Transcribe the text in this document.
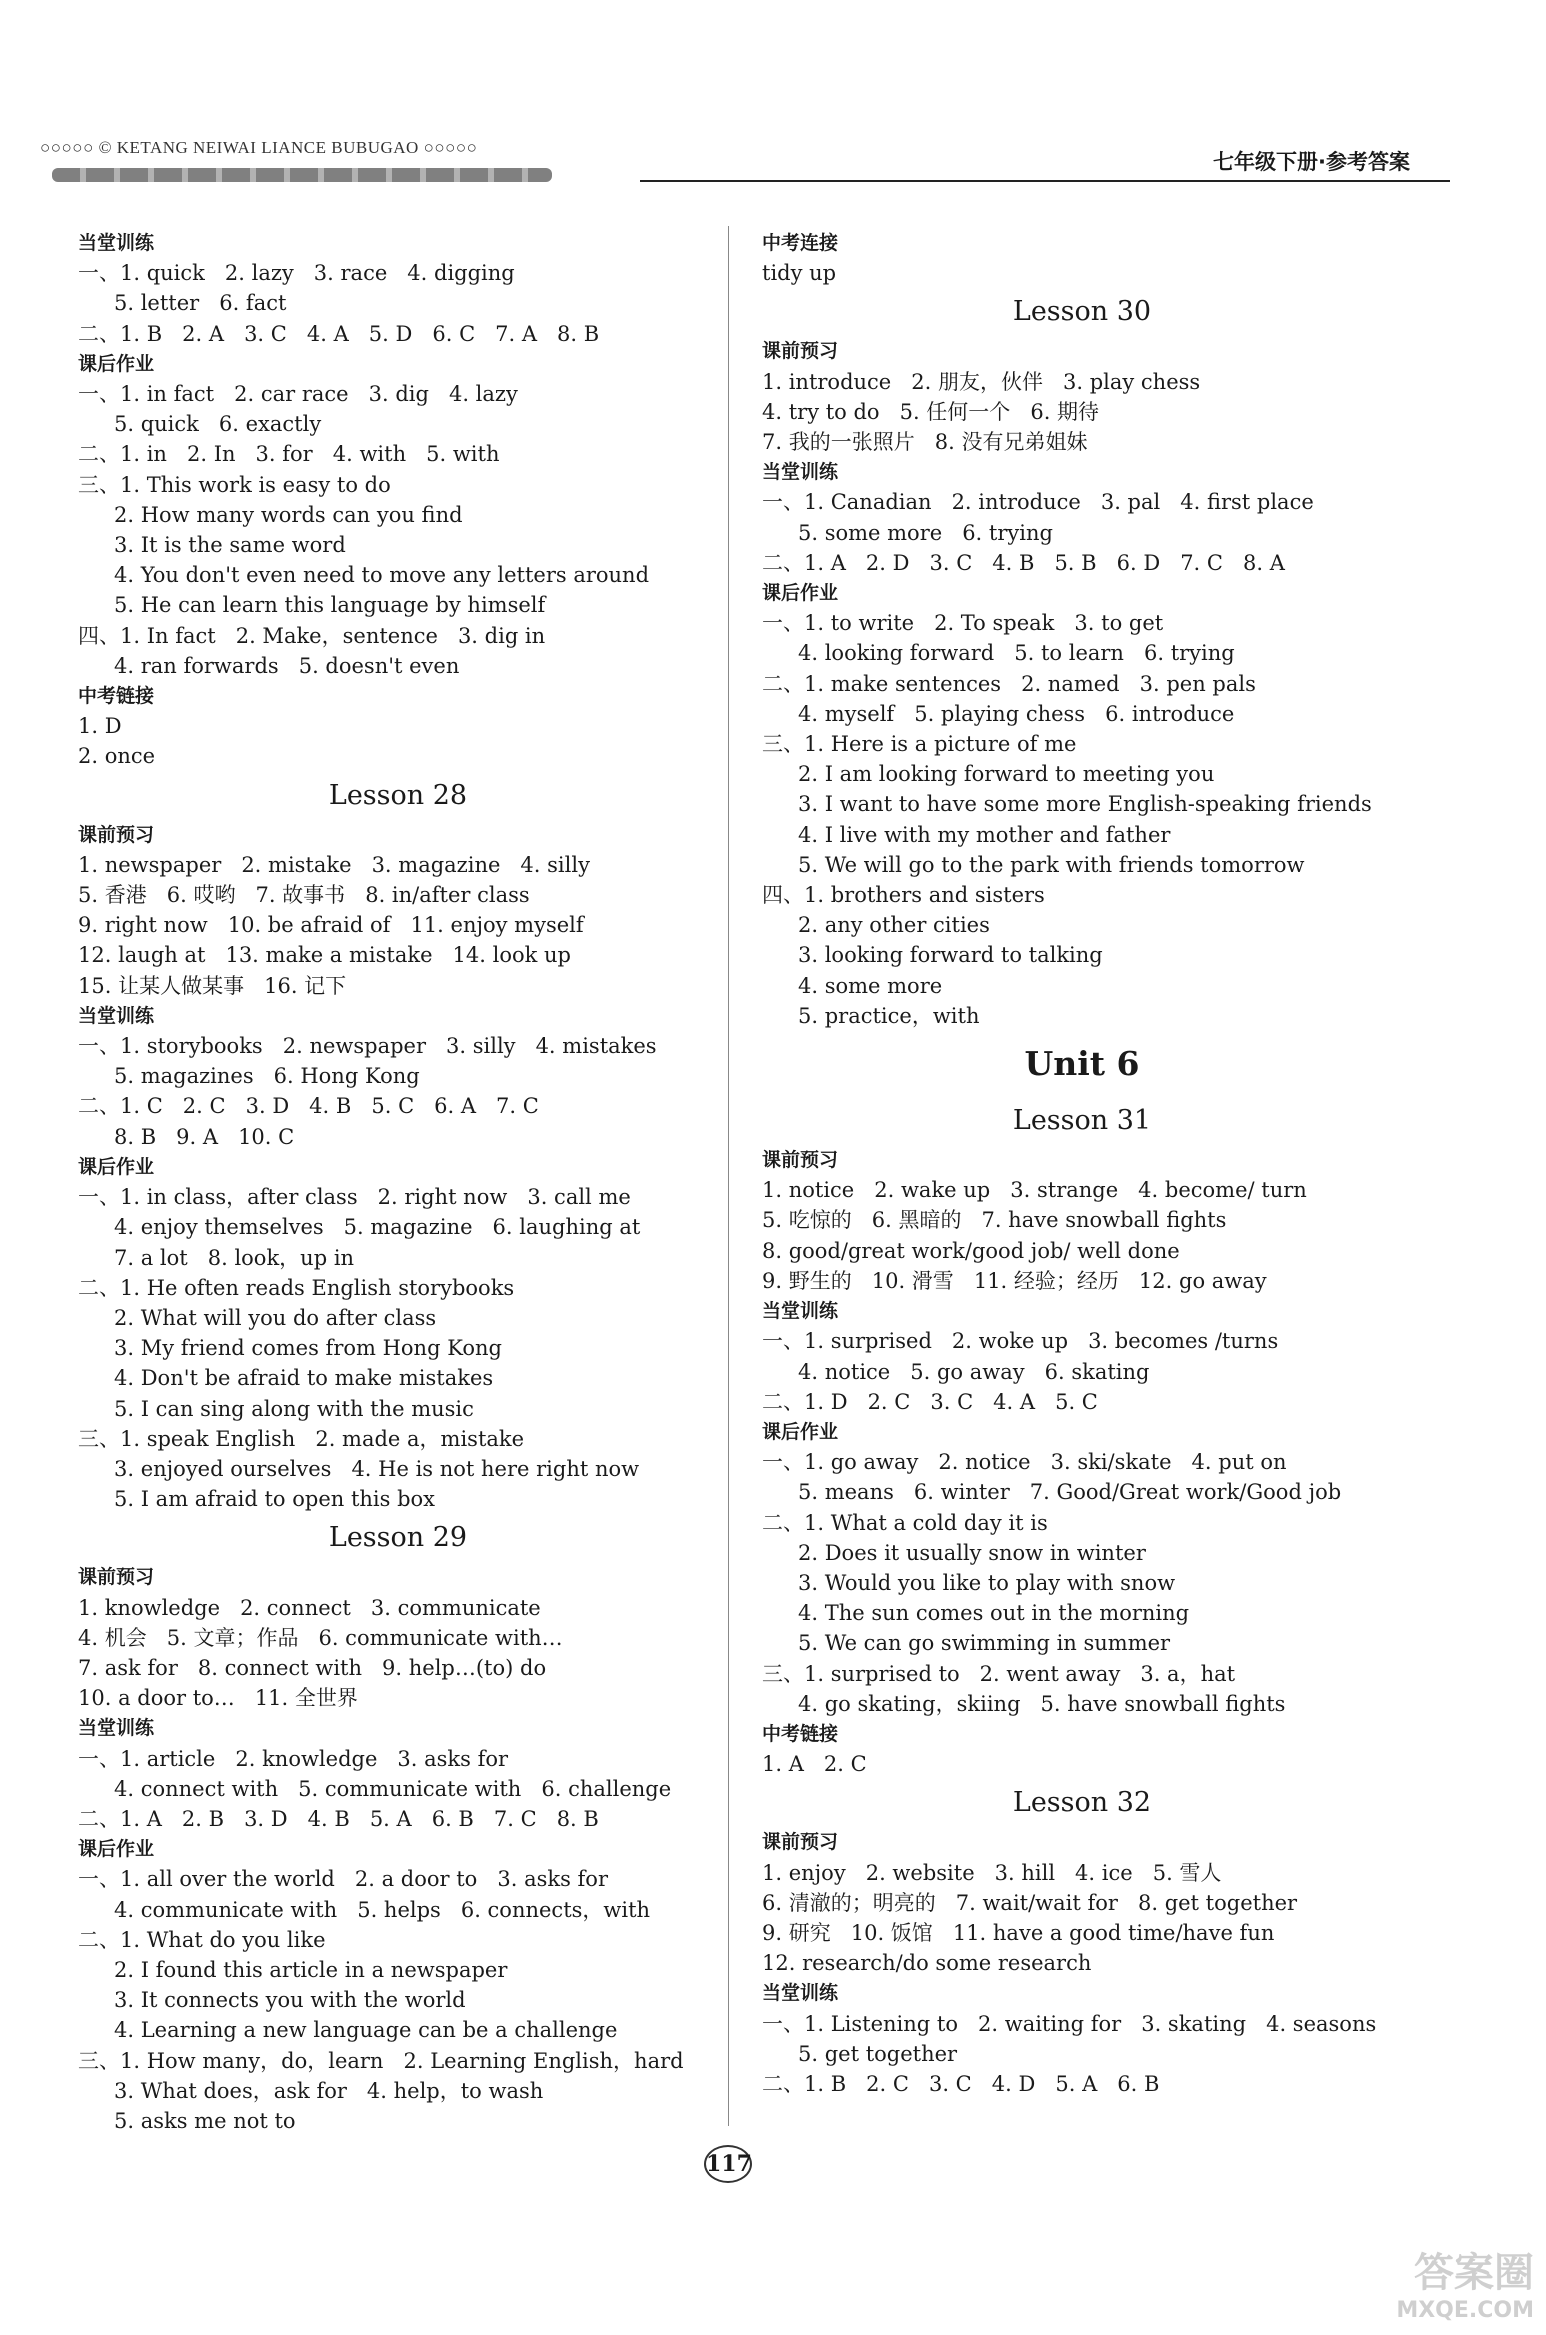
○○○○○ © KETANG NEIWAI LIANCE BUBUGAO ○○○○○
七年级下册·参考答案
当堂训练
一、1. quick   2. lazy   3. race   4. digging
5. letter   6. fact
二、1. B   2. A   3. C   4. A   5. D   6. C   7. A   8. B
课后作业
一、1. in fact   2. car race   3. dig   4. lazy
5. quick   6. exactly
二、1. in   2. In   3. for   4. with   5. with
三、1. This work is easy to do
2. How many words can you find
3. It is the same word
4. You don't even need to move any letters around
5. He can learn this language by himself
四、1. In fact   2. Make，sentence   3. dig in
4. ran forwards   5. doesn't even
中考链接
1. D
2. once
Lesson 28
课前预习
1. newspaper   2. mistake   3. magazine   4. silly
5. 香港   6. 哎哟   7. 故事书   8. in/after class
9. right now   10. be afraid of   11. enjoy myself
12. laugh at   13. make a mistake   14. look up
15. 让某人做某事   16. 记下
当堂训练
一、1. storybooks   2. newspaper   3. silly   4. mistakes
5. magazines   6. Hong Kong
二、1. C   2. C   3. D   4. B   5. C   6. A   7. C
8. B   9. A   10. C
课后作业
一、1. in class，after class   2. right now   3. call me
4. enjoy themselves   5. magazine   6. laughing at
7. a lot   8. look，up in
二、1. He often reads English storybooks
2. What will you do after class
3. My friend comes from Hong Kong
4. Don't be afraid to make mistakes
5. I can sing along with the music
三、1. speak English   2. made a，mistake
3. enjoyed ourselves   4. He is not here right now
5. I am afraid to open this box
Lesson 29
课前预习
1. knowledge   2. connect   3. communicate
4. 机会   5. 文章；作品   6. communicate with…
7. ask for   8. connect with   9. help…(to) do
10. a door to…   11. 全世界
当堂训练
一、1. article   2. knowledge   3. asks for
4. connect with   5. communicate with   6. challenge
二、1. A   2. B   3. D   4. B   5. A   6. B   7. C   8. B
课后作业
一、1. all over the world   2. a door to   3. asks for
4. communicate with   5. helps   6. connects，with
二、1. What do you like
2. I found this article in a newspaper
3. It connects you with the world
4. Learning a new language can be a challenge
三、1. How many，do，learn   2. Learning English，hard
3. What does，ask for   4. help，to wash
5. asks me not to
中考连接
tidy up
Lesson 30
课前预习
1. introduce   2. 朋友，伙伴   3. play chess
4. try to do   5. 任何一个   6. 期待
7. 我的一张照片   8. 没有兄弟姐妹
当堂训练
一、1. Canadian   2. introduce   3. pal   4. first place
5. some more   6. trying
二、1. A   2. D   3. C   4. B   5. B   6. D   7. C   8. A
课后作业
一、1. to write   2. To speak   3. to get
4. looking forward   5. to learn   6. trying
二、1. make sentences   2. named   3. pen pals
4. myself   5. playing chess   6. introduce
三、1. Here is a picture of me
2. I am looking forward to meeting you
3. I want to have some more English-speaking friends
4. I live with my mother and father
5. We will go to the park with friends tomorrow
四、1. brothers and sisters
2. any other cities
3. looking forward to talking
4. some more
5. practice，with
Unit 6
Lesson 31
课前预习
1. notice   2. wake up   3. strange   4. become/ turn
5. 吃惊的   6. 黑暗的   7. have snowball fights
8. good/great work/good job/ well done
9. 野生的   10. 滑雪   11. 经验；经历   12. go away
当堂训练
一、1. surprised   2. woke up   3. becomes /turns
4. notice   5. go away   6. skating
二、1. D   2. C   3. C   4. A   5. C
课后作业
一、1. go away   2. notice   3. ski/skate   4. put on
5. means   6. winter   7. Good/Great work/Good job
二、1. What a cold day it is
2. Does it usually snow in winter
3. Would you like to play with snow
4. The sun comes out in the morning
5. We can go swimming in summer
三、1. surprised to   2. went away   3. a，hat
4. go skating，skiing   5. have snowball fights
中考链接
1. A   2. C
Lesson 32
课前预习
1. enjoy   2. website   3. hill   4. ice   5. 雪人
6. 清澈的；明亮的   7. wait/wait for   8. get together
9. 研究   10. 饭馆   11. have a good time/have fun
12. research/do some research
当堂训练
一、1. Listening to   2. waiting for   3. skating   4. seasons
5. get together
二、1. B   2. C   3. C   4. D   5. A   6. B
117
答案圈
MXQE.COM
